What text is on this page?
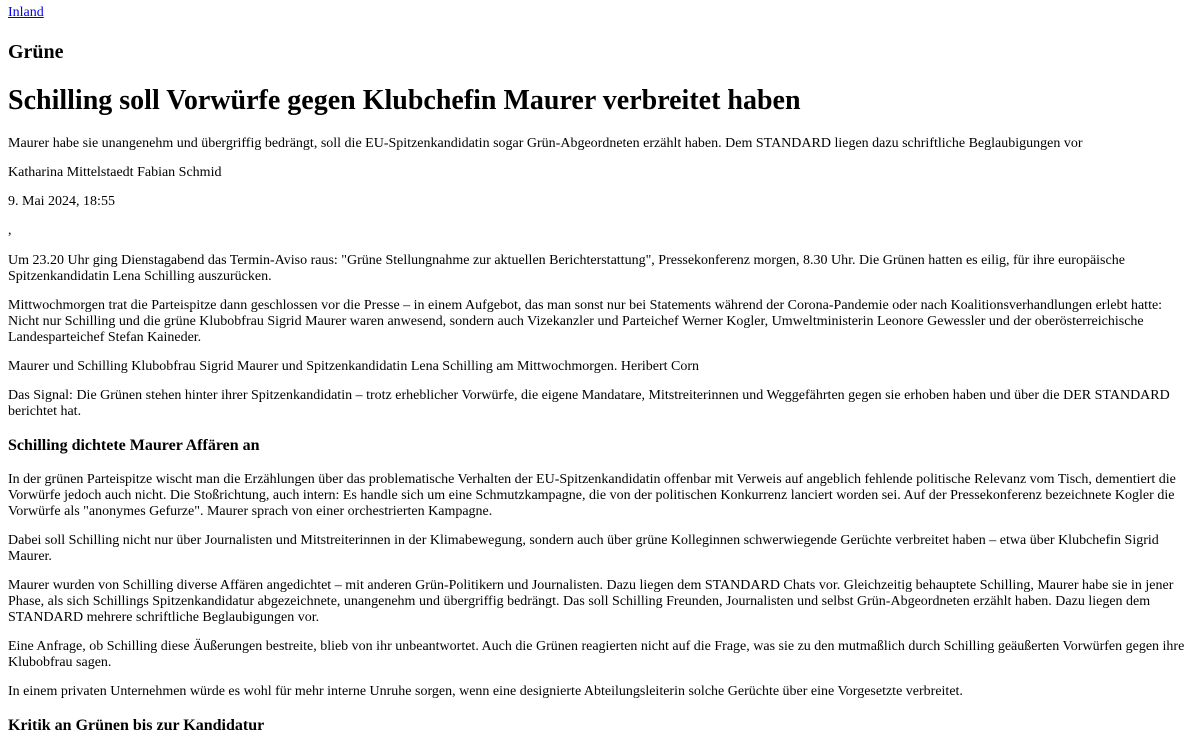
Inland
Grüne
Schilling soll Vorwürfe gegen Klubchefin Maurer verbreitet haben

Maurer habe sie unangenehm und übergriffig bedrängt, soll die EU-Spitzenkandidatin sogar Grün-Abgeordneten erzählt haben. Dem STANDARD liegen dazu schriftliche Beglaubigungen vor

Katharina Mittelstaedt Fabian Schmid

9. Mai 2024, 18:55

,

Um 23.20 Uhr ging Dienstagabend das Termin-Aviso raus: "Grüne Stellungnahme zur aktuellen Berichterstattung", Pressekonferenz morgen, 8.30 Uhr. Die Grünen hatten es eilig, für ihre europäische Spitzenkandidatin Lena Schilling auszurücken.

Mittwochmorgen trat die Parteispitze dann geschlossen vor die Presse – in einem Aufgebot, das man sonst nur bei Statements während der Corona-Pandemie oder nach Koalitionsverhandlungen erlebt hatte: Nicht nur Schilling und die grüne Klubobfrau Sigrid Maurer waren anwesend, sondern auch Vizekanzler und Parteichef Werner Kogler, Umweltministerin Leonore Gewessler und der oberösterreichische Landesparteichef Stefan Kaineder.

Maurer und Schilling Klubobfrau Sigrid Maurer und Spitzenkandidatin Lena Schilling am Mittwochmorgen. Heribert Corn

Das Signal: Die Grünen stehen hinter ihrer Spitzenkandidatin – trotz erheblicher Vorwürfe, die eigene Mandatare, Mitstreiterinnen und Weggefährten gegen sie erhoben haben und über die DER STANDARD berichtet hat.

Schilling dichtete Maurer Affären an

In der grünen Parteispitze wischt man die Erzählungen über das problematische Verhalten der EU-Spitzenkandidatin offenbar mit Verweis auf angeblich fehlende politische Relevanz vom Tisch, dementiert die Vorwürfe jedoch auch nicht. Die Stoßrichtung, auch intern: Es handle sich um eine Schmutzkampagne, die von der politischen Konkurrenz lanciert worden sei. Auf der Pressekonferenz bezeichnete Kogler die Vorwürfe als "anonymes Gefurze". Maurer sprach von einer orchestrierten Kampagne.

Dabei soll Schilling nicht nur über Journalisten und Mitstreiterinnen in der Klimabewegung, sondern auch über grüne Kolleginnen schwerwiegende Gerüchte verbreitet haben – etwa über Klubchefin Sigrid Maurer.

Maurer wurden von Schilling diverse Affären angedichtet – mit anderen Grün-Politikern und Journalisten. Dazu liegen dem STANDARD Chats vor. Gleichzeitig behauptete Schilling, Maurer habe sie in jener Phase, als sich Schillings Spitzenkandidatur abgezeichnete, unangenehm und übergriffig bedrängt. Das soll Schilling Freunden, Journalisten und selbst Grün-Abgeordneten erzählt haben. Dazu liegen dem STANDARD mehrere schriftliche Beglaubigungen vor.

Eine Anfrage, ob Schilling diese Äußerungen bestreite, blieb von ihr unbeantwortet. Auch die Grünen reagierten nicht auf die Frage, was sie zu den mutmaßlich durch Schilling geäußerten Vorwürfen gegen ihre Klubobfrau sagen.

In einem privaten Unternehmen würde es wohl für mehr interne Unruhe sorgen, wenn eine designierte Abteilungsleiterin solche Gerüchte über eine Vorgesetzte verbreitet.

Kritik an Grünen bis zur Kandidatur
